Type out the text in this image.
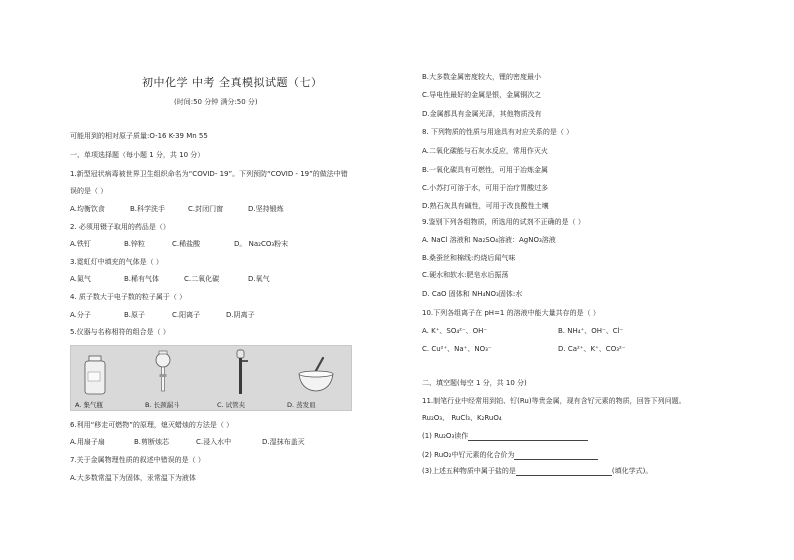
初中化学 中考 全真模拟试题（七）
(时间:50 分钟 满分:50 分)
可能用到的相对原子质量:O-16 K-39 Mn 55
一、单项选择题（每小题 1 分，共 10 分）
1.新型冠状病毒被世界卫生组织命名为“COVID- 19”。下列预防“COVID - 19”的做法中错
误的是（ ）
A.均衡饮食	B.科学洗手	C.封闭门窗	D.坚持锻炼
2. 必须用镊子取用的药品是（）
A.铁钉	B.锌粒	C.稀盐酸	D。 Na₂CO₃粉末
3.霓虹灯中填充的气体是（ ）
A.氮气	B.稀有气体	C.二氧化碳	D.氧气
4. 质子数大于电子数的粒子属于（ ）
A.分子	B.原子	C.阳离子	D.阴离子
5.仪器与名称相符的组合是（ ）
A. 集气瓶	B. 长颈漏斗	C. 试管夹	D. 蒸发皿
6.利用“移走可燃物”的原理，熄灭蜡烛的方法是（ ）
A.用扇子扇	B.剪断烛芯	C.浸入水中	D.湿抹布盖灭
7.关于金属物理性质的叙述中错误的是（ ）
A.大多数常温下为固体，汞常温下为液体
B.大多数金属密度较大，锂的密度最小
C.导电性最好的金属是银，金属铜次之
D.金属都具有金属光泽，其他物质没有
8. 下列物质的性质与用途具有对应关系的是（ ）
A.二氧化碳能与石灰水反应，常用作灭火
B.一氧化碳具有可燃性，可用于冶炼金属
C.小苏打可溶于水，可用于治疗胃酸过多
D.熟石灰具有碱性，可用于改良酸性土壤
9.鉴别下列各组物质，所选用的试剂不正确的是（ ）
A. NaCl 溶液和 Na₂SO₄溶液：AgNO₃溶液
B.桑蚕丝和棉线:灼烧后闻气味
C.硬水和软水:肥皂水后振荡
D. CaO 固体和 NH₄NO₃固体:水
10.下列各组离子在 pH=1 的溶液中能大量共存的是（ ）
A. K⁺、SO₄²⁻、OH⁻	B. NH₄⁺、OH⁻、Cl⁻
C. Cu²⁺、Na⁺、NO₃⁻	D. Ca²⁺、K⁺、CO₃²⁻
二、填空题(每空 1 分，共 10 分)
11.制笔行业中经常用到铂、钌(Ru)等贵金属，现有含钌元素的物质，回答下列问题。
Ru₂O₃、 RuCl₃、K₂RuO₄
(1) Ru₂O₃读作
(2) RuO₂中钌元素的化合价为
(3)上述五种物质中属于盐的是	(填化学式)。
